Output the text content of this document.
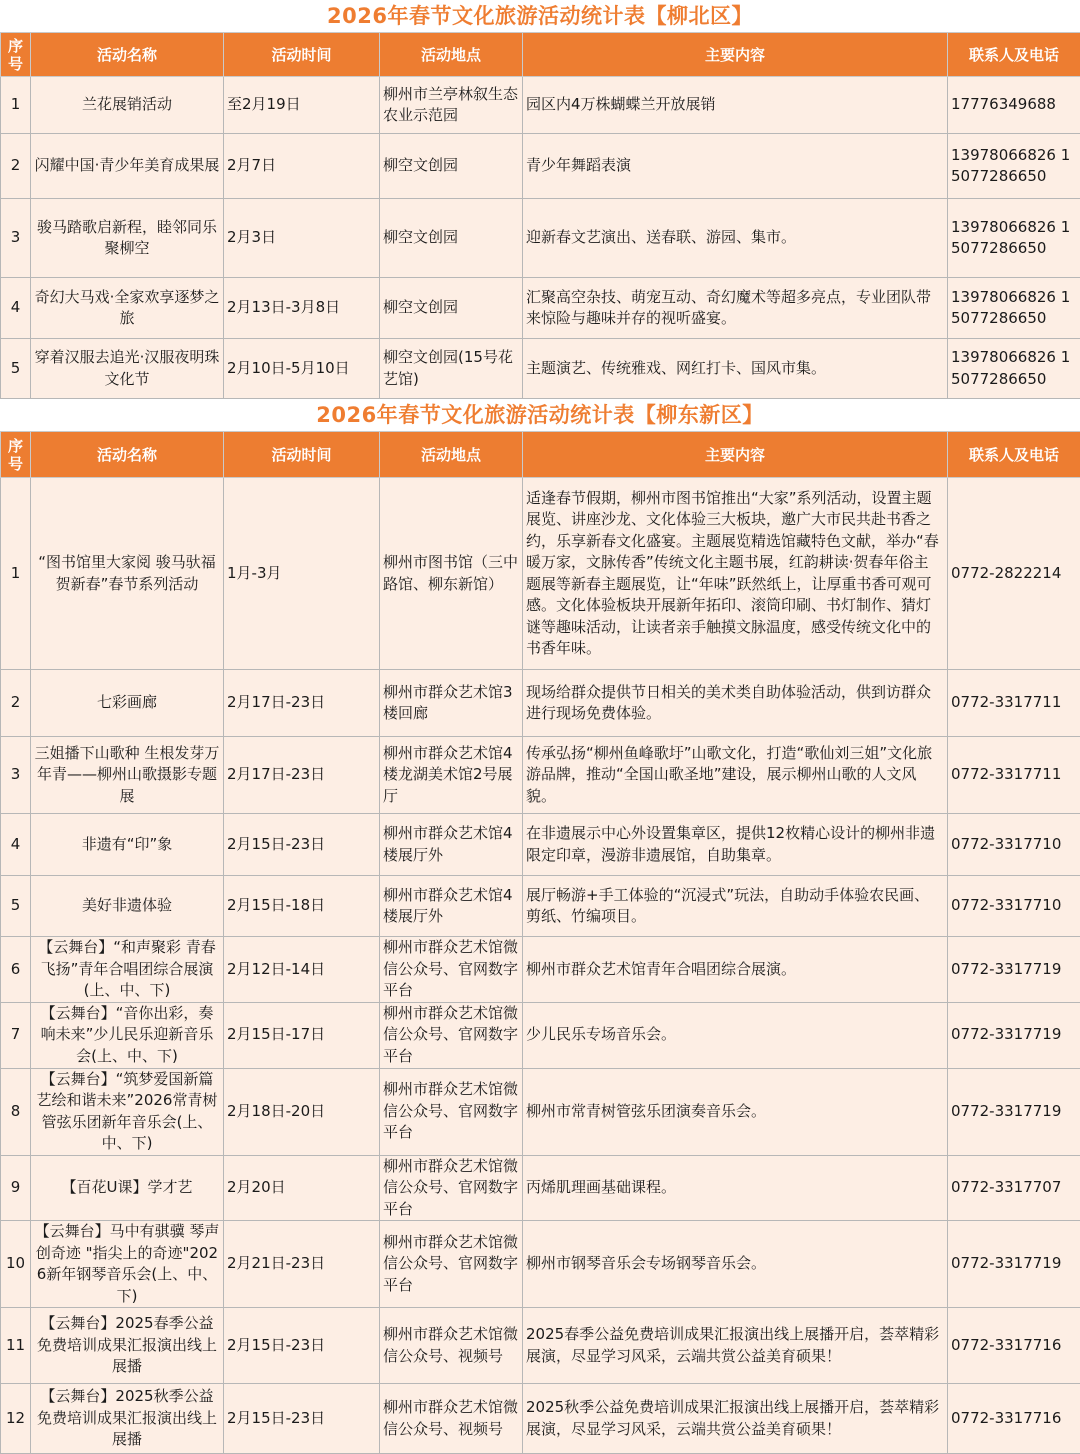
2026年春节文化旅游活动统计表【柳北区】
序号	活动名称	活动时间	活动地点	主要内容	联系人及电话
1	兰花展销活动	至2月19日	柳州市兰亭林叙生态农业示范园	园区内4万株蝴蝶兰开放展销	17776349688
2	闪耀中国·青少年美育成果展	2月7日	柳空文创园	青少年舞蹈表演	13978066826 15077286650
3	骏马踏歌启新程，睦邻同乐聚柳空	2月3日	柳空文创园	迎新春文艺演出、送春联、游园、集市。	13978066826 15077286650
4	奇幻大马戏·全家欢享逐梦之旅	2月13日-3月8日	柳空文创园	汇聚高空杂技、萌宠互动、奇幻魔术等超多亮点，专业团队带来惊险与趣味并存的视听盛宴。	13978066826 15077286650
5	穿着汉服去追光·汉服夜明珠文化节	2月10日-5月10日	柳空文创园(15号花艺馆)	主题演艺、传统雅戏、网红打卡、国风市集。	13978066826 15077286650
2026年春节文化旅游活动统计表【柳东新区】
序号	活动名称	活动时间	活动地点	主要内容	联系人及电话
1	“图书馆里大家阅 骏马驮福贺新春”春节系列活动	1月-3月	柳州市图书馆（三中路馆、柳东新馆）	适逢春节假期，柳州市图书馆推出“大家”系列活动，设置主题展览、讲座沙龙、文化体验三大板块，邀广大市民共赴书香之约，乐享新春文化盛宴。主题展览精选馆藏特色文献，举办“春暖万家，文脉传香”传统文化主题书展，红韵耕读·贺春年俗主题展等新春主题展览，让“年味”跃然纸上，让厚重书香可观可感。文化体验板块开展新年拓印、滚筒印刷、书灯制作、猜灯谜等趣味活动，让读者亲手触摸文脉温度，感受传统文化中的书香年味。	0772-2822214
2	七彩画廊	2月17日-23日	柳州市群众艺术馆3楼回廊	现场给群众提供节日相关的美术类自助体验活动，供到访群众进行现场免费体验。	0772-3317711
3	三姐播下山歌种 生根发芽万年青——柳州山歌摄影专题展	2月17日-23日	柳州市群众艺术馆4楼龙湖美术馆2号展厅	传承弘扬“柳州鱼峰歌圩”山歌文化，打造“歌仙刘三姐”文化旅游品牌，推动“全国山歌圣地”建设，展示柳州山歌的人文风貌。	0772-3317711
4	非遗有“印”象	2月15日-23日	柳州市群众艺术馆4楼展厅外	在非遗展示中心外设置集章区，提供12枚精心设计的柳州非遗限定印章，漫游非遗展馆，自助集章。	0772-3317710
5	美好非遗体验	2月15日-18日	柳州市群众艺术馆4楼展厅外	展厅畅游+手工体验的“沉浸式”玩法，自助动手体验农民画、剪纸、竹编项目。	0772-3317710
6	【云舞台】“和声聚彩 青春飞扬”青年合唱团综合展演(上、中、下)	2月12日-14日	柳州市群众艺术馆微信公众号、官网数字平台	柳州市群众艺术馆青年合唱团综合展演。	0772-3317719
7	【云舞台】“音你出彩，奏响未来”少儿民乐迎新音乐会(上、中、下)	2月15日-17日	柳州市群众艺术馆微信公众号、官网数字平台	少儿民乐专场音乐会。	0772-3317719
8	【云舞台】“筑梦爱国新篇 艺绘和谐未来”2026常青树管弦乐团新年音乐会(上、中、下)	2月18日-20日	柳州市群众艺术馆微信公众号、官网数字平台	柳州市常青树管弦乐团演奏音乐会。	0772-3317719
9	【百花U课】学才艺	2月20日	柳州市群众艺术馆微信公众号、官网数字平台	丙烯肌理画基础课程。	0772-3317707
10	【云舞台】马中有骐骥 琴声创奇迹 "指尖上的奇迹"2026新年钢琴音乐会(上、中、下)	2月21日-23日	柳州市群众艺术馆微信公众号、官网数字平台	柳州市钢琴音乐会专场钢琴音乐会。	0772-3317719
11	【云舞台】2025春季公益免费培训成果汇报演出线上展播	2月15日-23日	柳州市群众艺术馆微信公众号、视频号	2025春季公益免费培训成果汇报演出线上展播开启，荟萃精彩展演，尽显学习风采，云端共赏公益美育硕果！	0772-3317716
12	【云舞台】2025秋季公益免费培训成果汇报演出线上展播	2月15日-23日	柳州市群众艺术馆微信公众号、视频号	2025秋季公益免费培训成果汇报演出线上展播开启，荟萃精彩展演，尽显学习风采，云端共赏公益美育硕果！	0772-3317716
